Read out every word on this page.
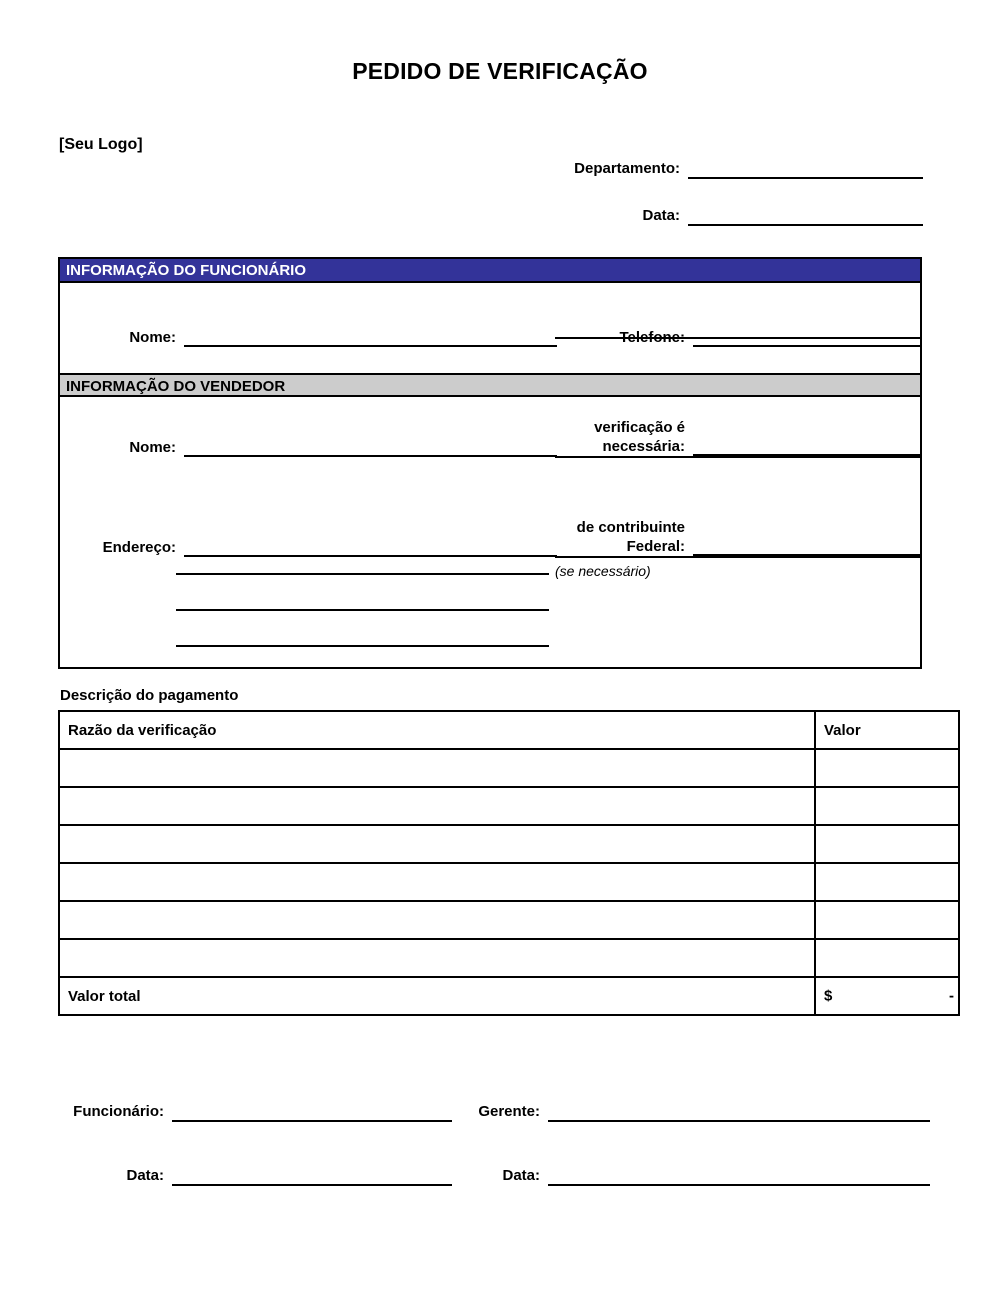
PEDIDO DE VERIFICAÇÃO
[Seu Logo]
Departamento:
Data:
INFORMAÇÃO DO FUNCIONÁRIO
Nome:	Telefone:
INFORMAÇÃO DO VENDEDOR
Nome:
verificação é
necessária:
Endereço:
de contribuinte
Federal:
(se necessário)
Descrição do pagamento
Razão da verificação	Valor

Valor total	$ -
Funcionário:
Data:
Gerente:
Data:
